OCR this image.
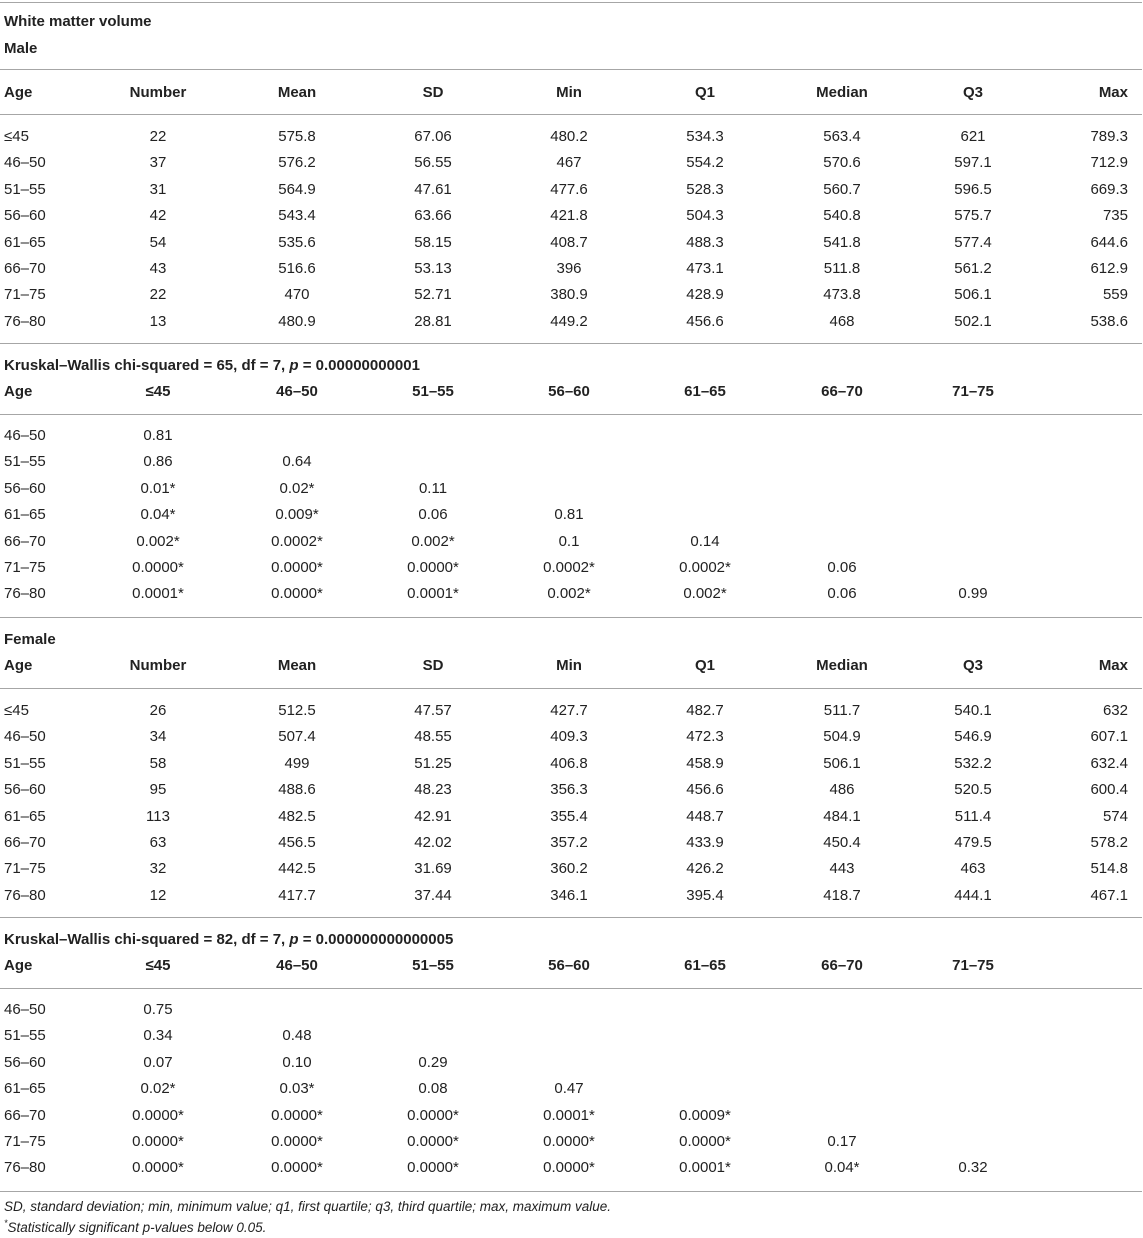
White matter volume
Male
Age	Number	Mean	SD	Min	Q1	Median	Q3	Max
≤45	22	575.8	67.06	480.2	534.3	563.4	621	789.3
46–50	37	576.2	56.55	467	554.2	570.6	597.1	712.9
51–55	31	564.9	47.61	477.6	528.3	560.7	596.5	669.3
56–60	42	543.4	63.66	421.8	504.3	540.8	575.7	735
61–65	54	535.6	58.15	408.7	488.3	541.8	577.4	644.6
66–70	43	516.6	53.13	396	473.1	511.8	561.2	612.9
71–75	22	470	52.71	380.9	428.9	473.8	506.1	559
76–80	13	480.9	28.81	449.2	456.6	468	502.1	538.6
Kruskal–Wallis chi-squared = 65, df = 7, p = 0.00000000001
Age	≤45	46–50	51–55	56–60	61–65	66–70	71–75
46–50	0.81
51–55	0.86	0.64
56–60	0.01*	0.02*	0.11
61–65	0.04*	0.009*	0.06	0.81
66–70	0.002*	0.0002*	0.002*	0.1	0.14
71–75	0.0000*	0.0000*	0.0000*	0.0002*	0.0002*	0.06
76–80	0.0001*	0.0000*	0.0001*	0.002*	0.002*	0.06	0.99
Female
Age	Number	Mean	SD	Min	Q1	Median	Q3	Max
≤45	26	512.5	47.57	427.7	482.7	511.7	540.1	632
46–50	34	507.4	48.55	409.3	472.3	504.9	546.9	607.1
51–55	58	499	51.25	406.8	458.9	506.1	532.2	632.4
56–60	95	488.6	48.23	356.3	456.6	486	520.5	600.4
61–65	113	482.5	42.91	355.4	448.7	484.1	511.4	574
66–70	63	456.5	42.02	357.2	433.9	450.4	479.5	578.2
71–75	32	442.5	31.69	360.2	426.2	443	463	514.8
76–80	12	417.7	37.44	346.1	395.4	418.7	444.1	467.1
Kruskal–Wallis chi-squared = 82, df = 7, p = 0.000000000000005
Age	≤45	46–50	51–55	56–60	61–65	66–70	71–75
46–50	0.75
51–55	0.34	0.48
56–60	0.07	0.10	0.29
61–65	0.02*	0.03*	0.08	0.47
66–70	0.0000*	0.0000*	0.0000*	0.0001*	0.0009*
71–75	0.0000*	0.0000*	0.0000*	0.0000*	0.0000*	0.17
76–80	0.0000*	0.0000*	0.0000*	0.0000*	0.0001*	0.04*	0.32
SD, standard deviation; min, minimum value; q1, first quartile; q3, third quartile; max, maximum value.
*Statistically significant p-values below 0.05.
